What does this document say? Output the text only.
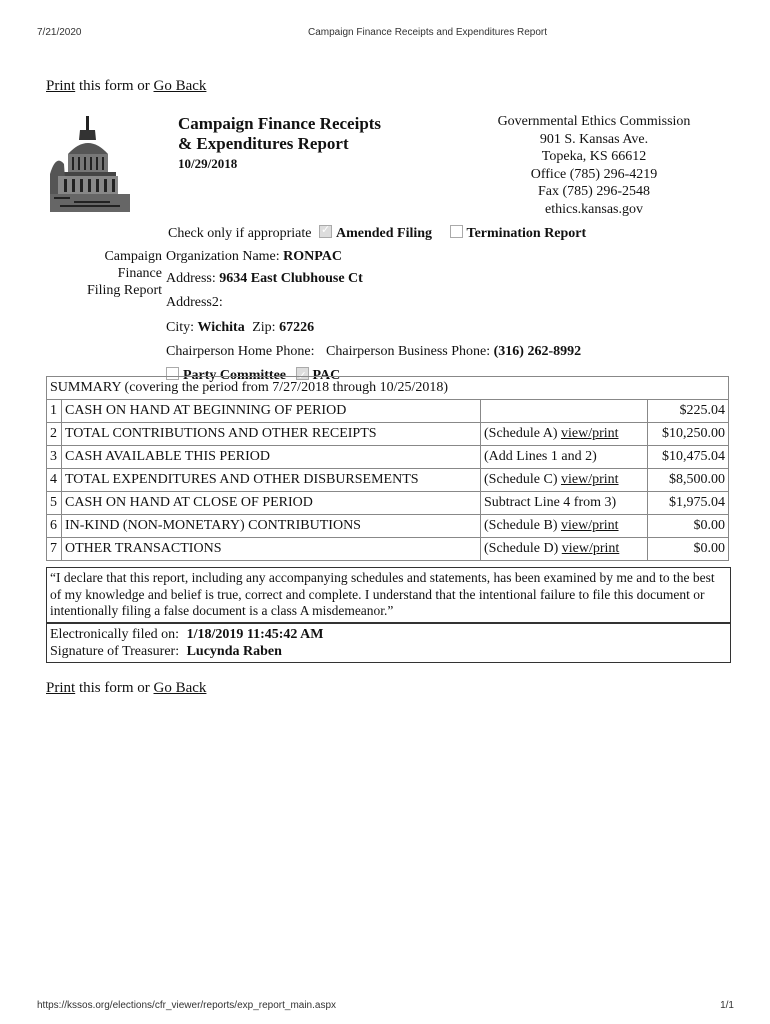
7/21/2020	Campaign Finance Receipts and Expenditures Report
Print this form or Go Back
Campaign Finance Receipts
& Expenditures Report
10/29/2018
Governmental Ethics Commission
901 S. Kansas Ave.
Topeka, KS 66612
Office (785) 296-4219
Fax (785) 296-2548
ethics.kansas.gov
Check only if appropriate ✓ Amended Filing Termination Report
Campaign
Finance
Filing Report
Organization Name: RONPAC
Address: 9634 East Clubhouse Ct
Address2:
City: Wichita Zip: 67226
Chairperson Home Phone: Chairperson Business Phone: (316) 262-8992
Party Committee ✓ PAC
SUMMARY (covering the period from 7/27/2018 through 10/25/2018)			
1	CASH ON HAND AT BEGINNING OF PERIOD		$225.04
2	TOTAL CONTRIBUTIONS AND OTHER RECEIPTS	(Schedule A) view/print	$10,250.00
3	CASH AVAILABLE THIS PERIOD	(Add Lines 1 and 2)	$10,475.04
4	TOTAL EXPENDITURES AND OTHER DISBURSEMENTS	(Schedule C) view/print	$8,500.00
5	CASH ON HAND AT CLOSE OF PERIOD	Subtract Line 4 from 3)	$1,975.04
6	IN-KIND (NON-MONETARY) CONTRIBUTIONS	(Schedule B) view/print	$0.00
7	OTHER TRANSACTIONS	(Schedule D) view/print	$0.00
“I declare that this report, including any accompanying schedules and statements, has been examined by me and to the best of my knowledge and belief is true, correct and complete. I understand that the intentional failure to file this document or intentionally filing a false document is a class A misdemeanor.”
Electronically filed on: 1/18/2019 11:45:42 AM
Signature of Treasurer: Lucynda Raben
Print this form or Go Back
https://kssos.org/elections/cfr_viewer/reports/exp_report_main.aspx	1/1
